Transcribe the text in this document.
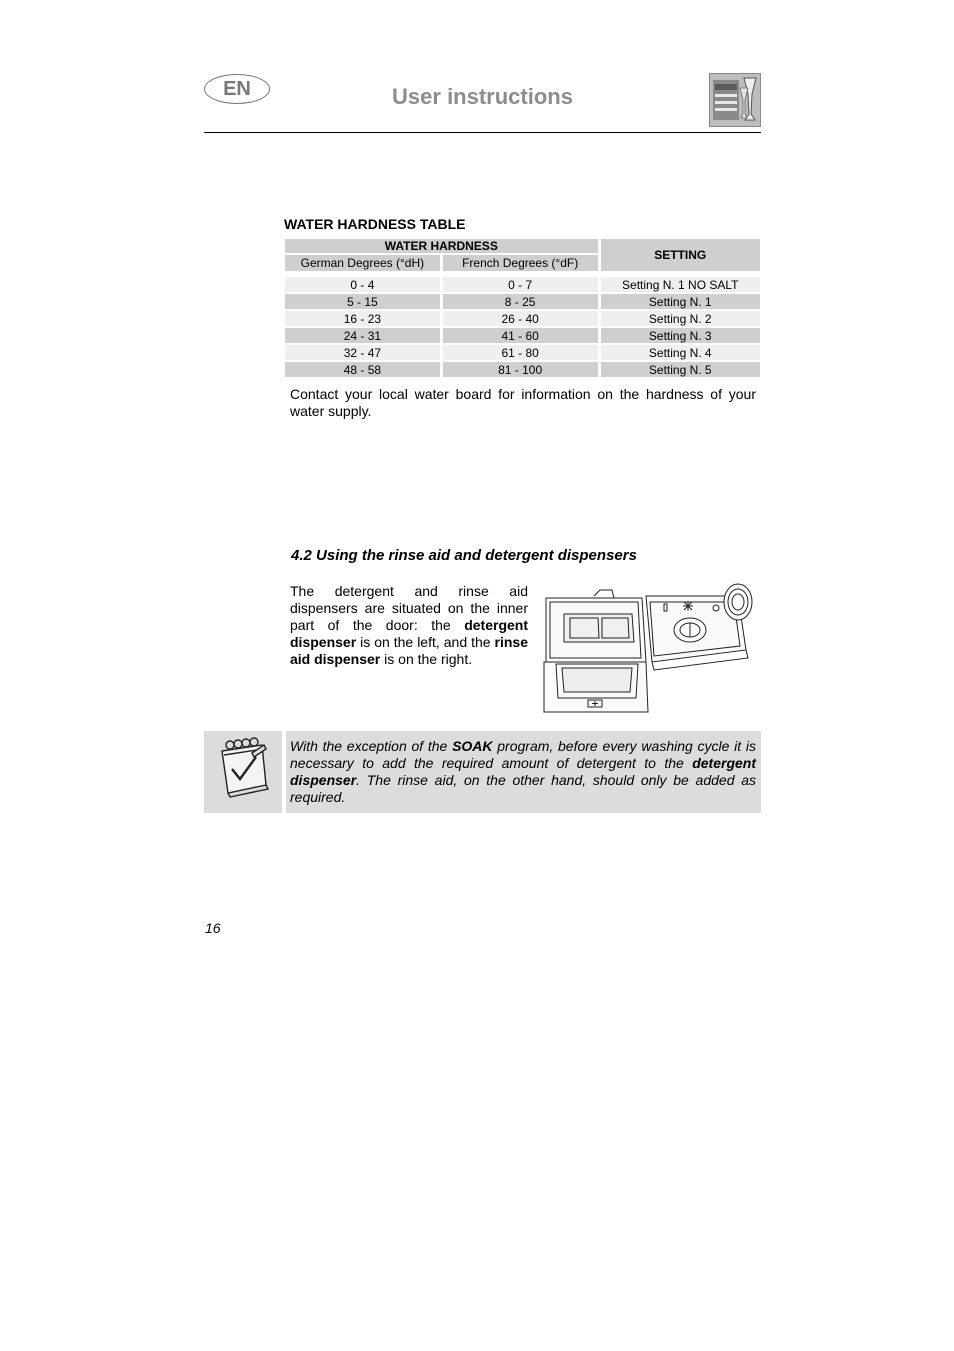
EN	User instructions
WATER HARDNESS TABLE
WATER HARDNESS		SETTING
German Degrees (°dH)	French Degrees (°dF)	

0 - 4	0 - 7	Setting N. 1 NO SALT
5 - 15	8 - 25	Setting N. 1
16 - 23	26 - 40	Setting N. 2
24 - 31	41 - 60	Setting N. 3
32 - 47	61 - 80	Setting N. 4
48 - 58	81 - 100	Setting N. 5
Contact your local water board for information on the hardness of your water supply.
4.2 Using the rinse aid and detergent dispensers
The detergent and rinse aid dispensers are situated on the inner part of the door: the detergent dispenser is on the left, and the rinse aid dispenser is on the right.
With the exception of the SOAK program, before every washing cycle it is necessary to add the required amount of detergent to the detergent dispenser. The rinse aid, on the other hand, should only be added as required.
16
